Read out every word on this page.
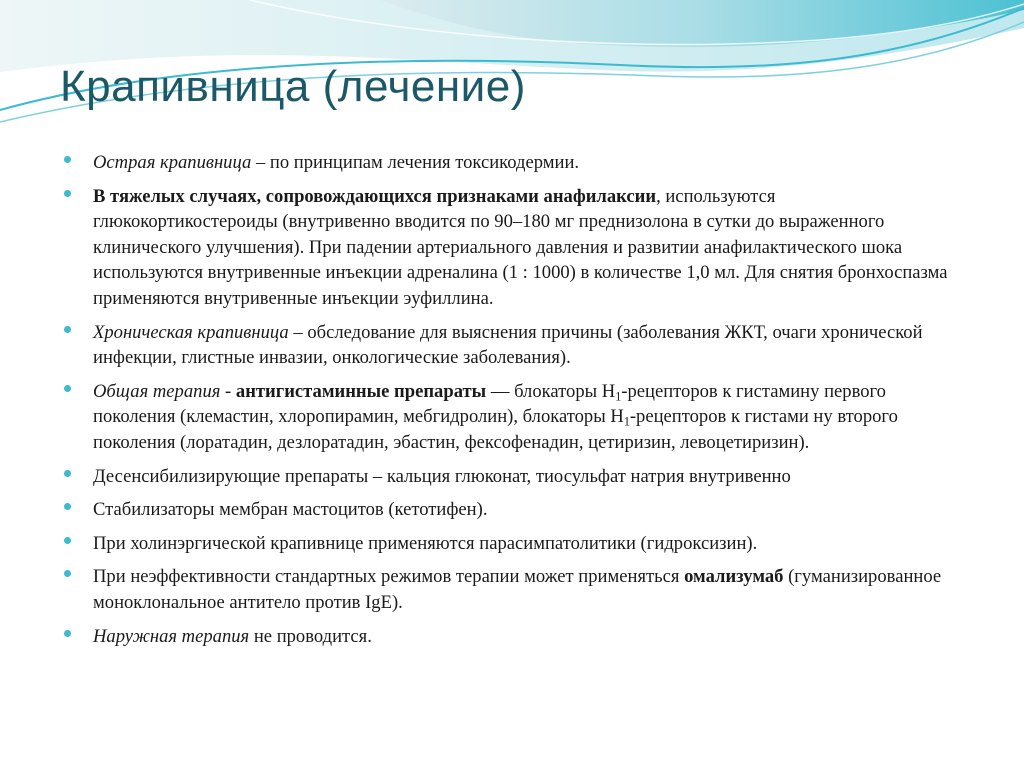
Крапивница (лечение)
Острая крапивница – по принципам лечения токсикодермии.
В тяжелых случаях, сопровождающихся признаками анафилаксии, используются глюкокортикостероиды (внутривенно вводится по 90–180 мг преднизолона в сутки до выраженного клинического улучшения). При падении артериального давления и развитии анафилактического шока используются внутривенные инъекции адреналина (1 : 1000) в количестве 1,0 мл. Для снятия бронхоспазма применяются внутривенные инъекции эуфиллина.
Хроническая крапивница – обследование для выяснения причины (заболевания ЖКТ, очаги хронической инфекции, глистные инвазии, онкологические заболевания).
Общая терапия - антигистаминные препараты — блокаторы $Н_1$-рецепторов к гистамину первого поколения (клемастин, хлоропирамин, мебгидролин), блокаторы $Н_1$-рецепторов к гистами ну второго поколения (лоратадин, дезлоратадин, эбастин, фексофенадин, цетиризин, левоцетиризин).
Десенсибилизирующие препараты – кальция глюконат, тиосульфат натрия внутривенно
Стабилизаторы мембран мастоцитов (кетотифен).
При холинэргической крапивнице применяются парасимпатолитики (гидроксизин).
При неэффективности стандартных режимов терапии может применяться омализумаб (гуманизированное моноклональное антитело против IgE).
Наружная терапия не проводится.
